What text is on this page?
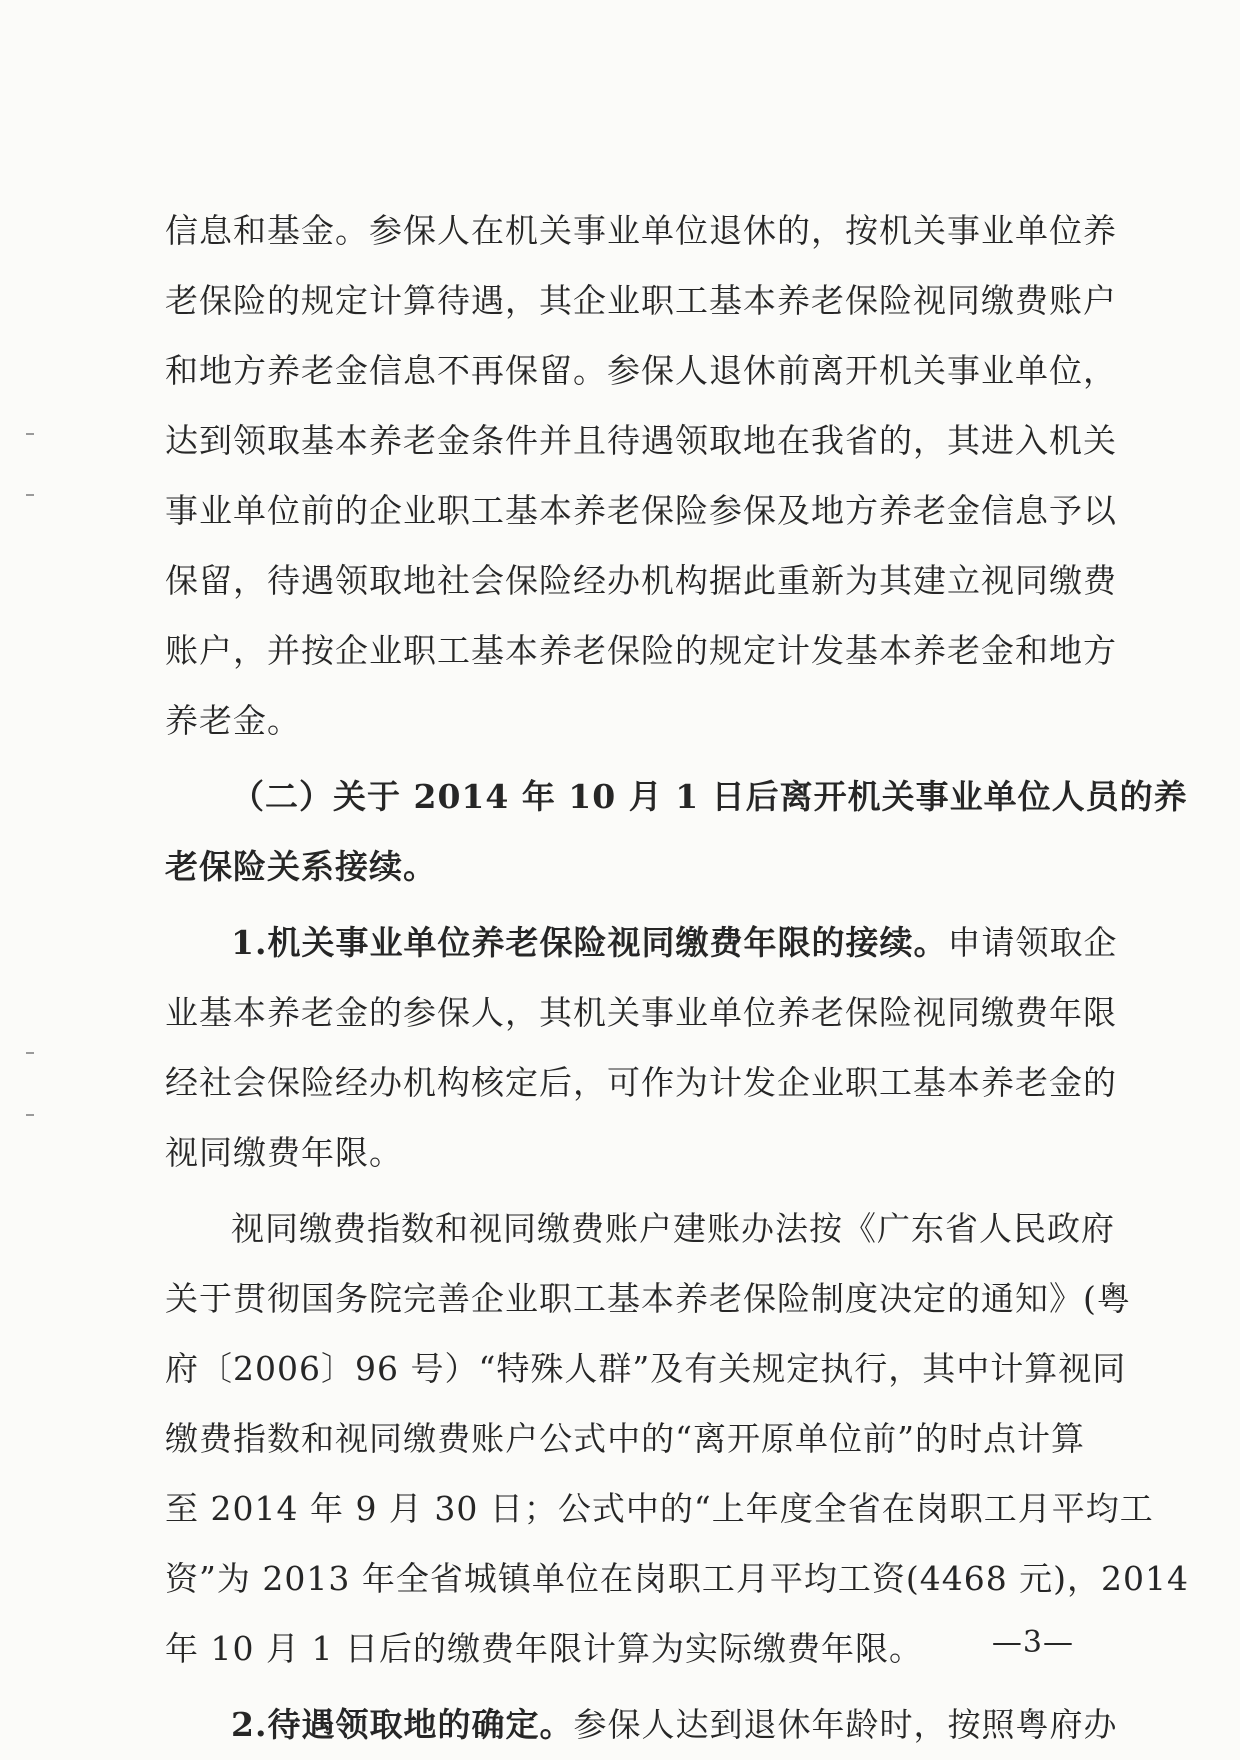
信息和基金。参保人在机关事业单位退休的，按机关事业单位养
老保险的规定计算待遇，其企业职工基本养老保险视同缴费账户
和地方养老金信息不再保留。参保人退休前离开机关事业单位，
达到领取基本养老金条件并且待遇领取地在我省的，其进入机关
事业单位前的企业职工基本养老保险参保及地方养老金信息予以
保留，待遇领取地社会保险经办机构据此重新为其建立视同缴费
账户，并按企业职工基本养老保险的规定计发基本养老金和地方
养老金。
（二）关于 2014 年 10 月 1 日后离开机关事业单位人员的养
老保险关系接续。
1.机关事业单位养老保险视同缴费年限的接续。申请领取企
业基本养老金的参保人，其机关事业单位养老保险视同缴费年限
经社会保险经办机构核定后，可作为计发企业职工基本养老金的
视同缴费年限。
视同缴费指数和视同缴费账户建账办法按《广东省人民政府
关于贯彻国务院完善企业职工基本养老保险制度决定的通知》(粤
府〔2006〕96 号）“特殊人群”及有关规定执行，其中计算视同
缴费指数和视同缴费账户公式中的“离开原单位前”的时点计算
至 2014 年 9 月 30 日；公式中的“上年度全省在岗职工月平均工
资”为 2013 年全省城镇单位在岗职工月平均工资(4468 元)，2014
年 10 月 1 日后的缴费年限计算为实际缴费年限。
2.待遇领取地的确定。参保人达到退休年龄时，按照粤府办
—3—
